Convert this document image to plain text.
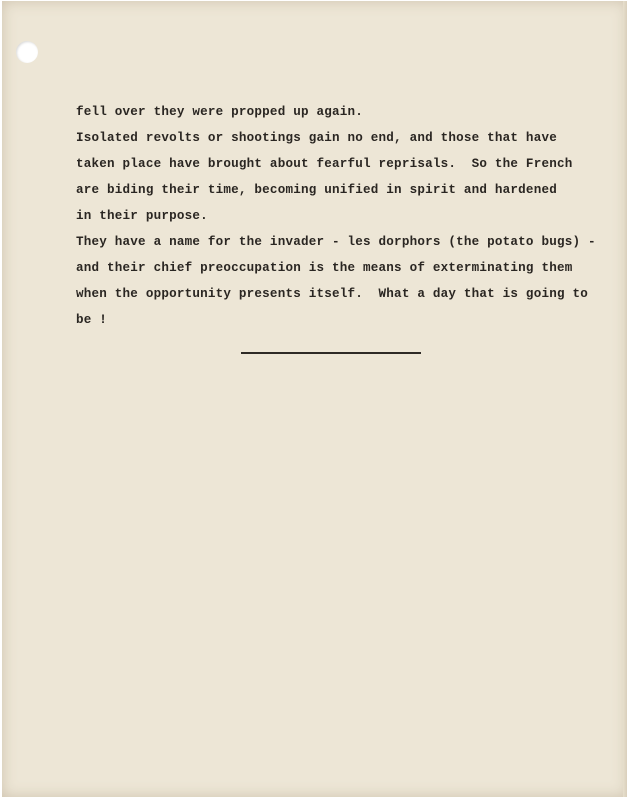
fell over they were propped up again.
Isolated revolts or shootings gain no end, and those that have
taken place have brought about fearful reprisals.  So the French
are biding their time, becoming unified in spirit and hardened
in their purpose.
They have a name for the invader - les dorphors (the potato bugs) -
and their chief preoccupation is the means of exterminating them
when the opportunity presents itself.  What a day that is going to
be !
